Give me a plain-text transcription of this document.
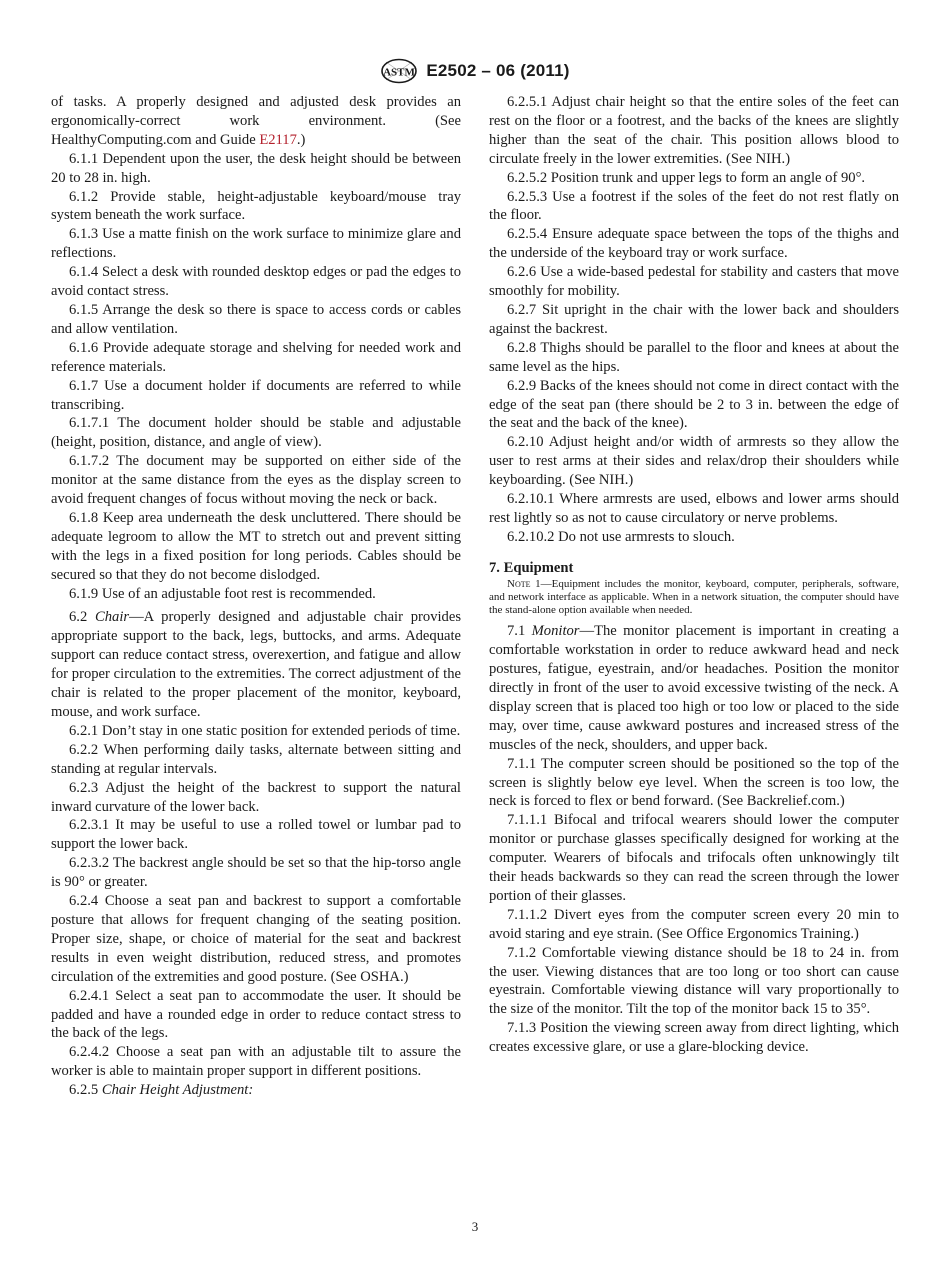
ASTM E2502 – 06 (2011)

of tasks. A properly designed and adjusted desk provides an ergonomically-correct work environment. (See HealthyComputing.com and Guide E2117.)

6.1.1 Dependent upon the user, the desk height should be between 20 to 28 in. high.

6.1.2 Provide stable, height-adjustable keyboard/mouse tray system beneath the work surface.

6.1.3 Use a matte finish on the work surface to minimize glare and reflections.

6.1.4 Select a desk with rounded desktop edges or pad the edges to avoid contact stress.

6.1.5 Arrange the desk so there is space to access cords or cables and allow ventilation.

6.1.6 Provide adequate storage and shelving for needed work and reference materials.

6.1.7 Use a document holder if documents are referred to while transcribing.

6.1.7.1 The document holder should be stable and adjustable (height, position, distance, and angle of view).

6.1.7.2 The document may be supported on either side of the monitor at the same distance from the eyes as the display screen to avoid frequent changes of focus without moving the neck or back.

6.1.8 Keep area underneath the desk uncluttered. There should be adequate legroom to allow the MT to stretch out and prevent sitting with the legs in a fixed position for long periods. Cables should be secured so that they do not become dislodged.

6.1.9 Use of an adjustable foot rest is recommended.

6.2 Chair—A properly designed and adjustable chair provides appropriate support to the back, legs, buttocks, and arms. Adequate support can reduce contact stress, overexertion, and fatigue and allow for proper circulation to the extremities. The correct adjustment of the chair is related to the proper placement of the monitor, keyboard, mouse, and work surface.

6.2.1 Don’t stay in one static position for extended periods of time.

6.2.2 When performing daily tasks, alternate between sitting and standing at regular intervals.

6.2.3 Adjust the height of the backrest to support the natural inward curvature of the lower back.

6.2.3.1 It may be useful to use a rolled towel or lumbar pad to support the lower back.

6.2.3.2 The backrest angle should be set so that the hip-torso angle is 90° or greater.

6.2.4 Choose a seat pan and backrest to support a comfortable posture that allows for frequent changing of the seating position. Proper size, shape, or choice of material for the seat and backrest results in even weight distribution, reduced stress, and promotes circulation of the extremities and good posture. (See OSHA.)

6.2.4.1 Select a seat pan to accommodate the user. It should be padded and have a rounded edge in order to reduce contact stress to the back of the legs.

6.2.4.2 Choose a seat pan with an adjustable tilt to assure the worker is able to maintain proper support in different positions.

6.2.5 Chair Height Adjustment:

6.2.5.1 Adjust chair height so that the entire soles of the feet can rest on the floor or a footrest, and the backs of the knees are slightly higher than the seat of the chair. This position allows blood to circulate freely in the lower extremities. (See NIH.)

6.2.5.2 Position trunk and upper legs to form an angle of 90°.

6.2.5.3 Use a footrest if the soles of the feet do not rest flatly on the floor.

6.2.5.4 Ensure adequate space between the tops of the thighs and the underside of the keyboard tray or work surface.

6.2.6 Use a wide-based pedestal for stability and casters that move smoothly for mobility.

6.2.7 Sit upright in the chair with the lower back and shoulders against the backrest.

6.2.8 Thighs should be parallel to the floor and knees at about the same level as the hips.

6.2.9 Backs of the knees should not come in direct contact with the edge of the seat pan (there should be 2 to 3 in. between the edge of the seat and the back of the knee).

6.2.10 Adjust height and/or width of armrests so they allow the user to rest arms at their sides and relax/drop their shoulders while keyboarding. (See NIH.)

6.2.10.1 Where armrests are used, elbows and lower arms should rest lightly so as not to cause circulatory or nerve problems.

6.2.10.2 Do not use armrests to slouch.

7. Equipment

Note 1—Equipment includes the monitor, keyboard, computer, peripherals, software, and network interface as applicable. When in a network situation, the computer should have the stand-alone option available when needed.

7.1 Monitor—The monitor placement is important in creating a comfortable workstation in order to reduce awkward head and neck postures, fatigue, eyestrain, and/or headaches. Position the monitor directly in front of the user to avoid excessive twisting of the neck. A display screen that is placed too high or too low or placed to the side may, over time, cause awkward postures and increased stress of the muscles of the neck, shoulders, and upper back.

7.1.1 The computer screen should be positioned so the top of the screen is slightly below eye level. When the screen is too low, the neck is forced to flex or bend forward. (See Backrelief.com.)

7.1.1.1 Bifocal and trifocal wearers should lower the computer monitor or purchase glasses specifically designed for working at the computer. Wearers of bifocals and trifocals often unknowingly tilt their heads backwards so they can read the screen through the lower portion of their glasses.

7.1.1.2 Divert eyes from the computer screen every 20 min to avoid staring and eye strain. (See Office Ergonomics Training.)

7.1.2 Comfortable viewing distance should be 18 to 24 in. from the user. Viewing distances that are too long or too short can cause eyestrain. Comfortable viewing distance will vary proportionally to the size of the monitor. Tilt the top of the monitor back 15 to 35°.

7.1.3 Position the viewing screen away from direct lighting, which creates excessive glare, or use a glare-blocking device.

3
